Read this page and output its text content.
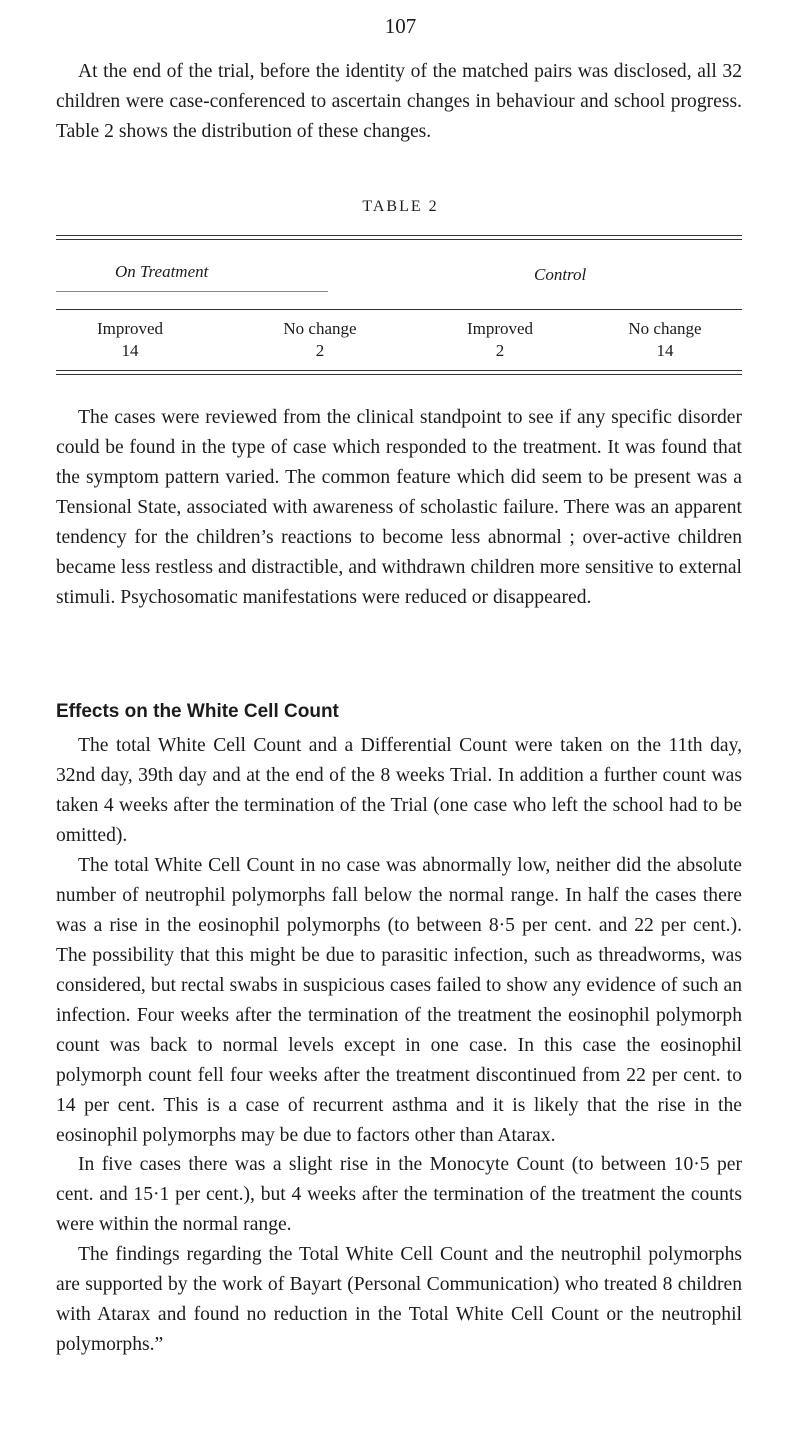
107

At the end of the trial, before the identity of the matched pairs was disclosed, all 32 children were case-conferenced to ascertain changes in behaviour and school progress. Table 2 shows the distribution of these changes.

TABLE 2
On Treatment	Control
Improved	No change	Improved	No change
14	2	2	14

The cases were reviewed from the clinical standpoint to see if any specific disorder could be found in the type of case which responded to the treatment. It was found that the symptom pattern varied. The common feature which did seem to be present was a Tensional State, associated with awareness of scholastic failure. There was an apparent tendency for the children’s reactions to become less abnormal ; over-active children became less restless and distractible, and withdrawn children more sensitive to external stimuli. Psychosomatic manifestations were reduced or disappeared.

Effects on the White Cell Count

The total White Cell Count and a Differential Count were taken on the 11th day, 32nd day, 39th day and at the end of the 8 weeks Trial. In addition a further count was taken 4 weeks after the termination of the Trial (one case who left the school had to be omitted).

The total White Cell Count in no case was abnormally low, neither did the absolute number of neutrophil polymorphs fall below the normal range. In half the cases there was a rise in the eosinophil polymorphs (to between 8·5 per cent. and 22 per cent.). The possibility that this might be due to parasitic infection, such as threadworms, was considered, but rectal swabs in suspicious cases failed to show any evidence of such an infection. Four weeks after the termination of the treatment the eosinophil polymorph count was back to normal levels except in one case. In this case the eosinophil polymorph count fell four weeks after the treatment discontinued from 22 per cent. to 14 per cent. This is a case of recurrent asthma and it is likely that the rise in the eosinophil polymorphs may be due to factors other than Atarax.

In five cases there was a slight rise in the Monocyte Count (to between 10·5 per cent. and 15·1 per cent.), but 4 weeks after the termination of the treatment the counts were within the normal range.

The findings regarding the Total White Cell Count and the neutrophil polymorphs are supported by the work of Bayart (Personal Communication) who treated 8 children with Atarax and found no reduction in the Total White Cell Count or the neutrophil polymorphs.”
